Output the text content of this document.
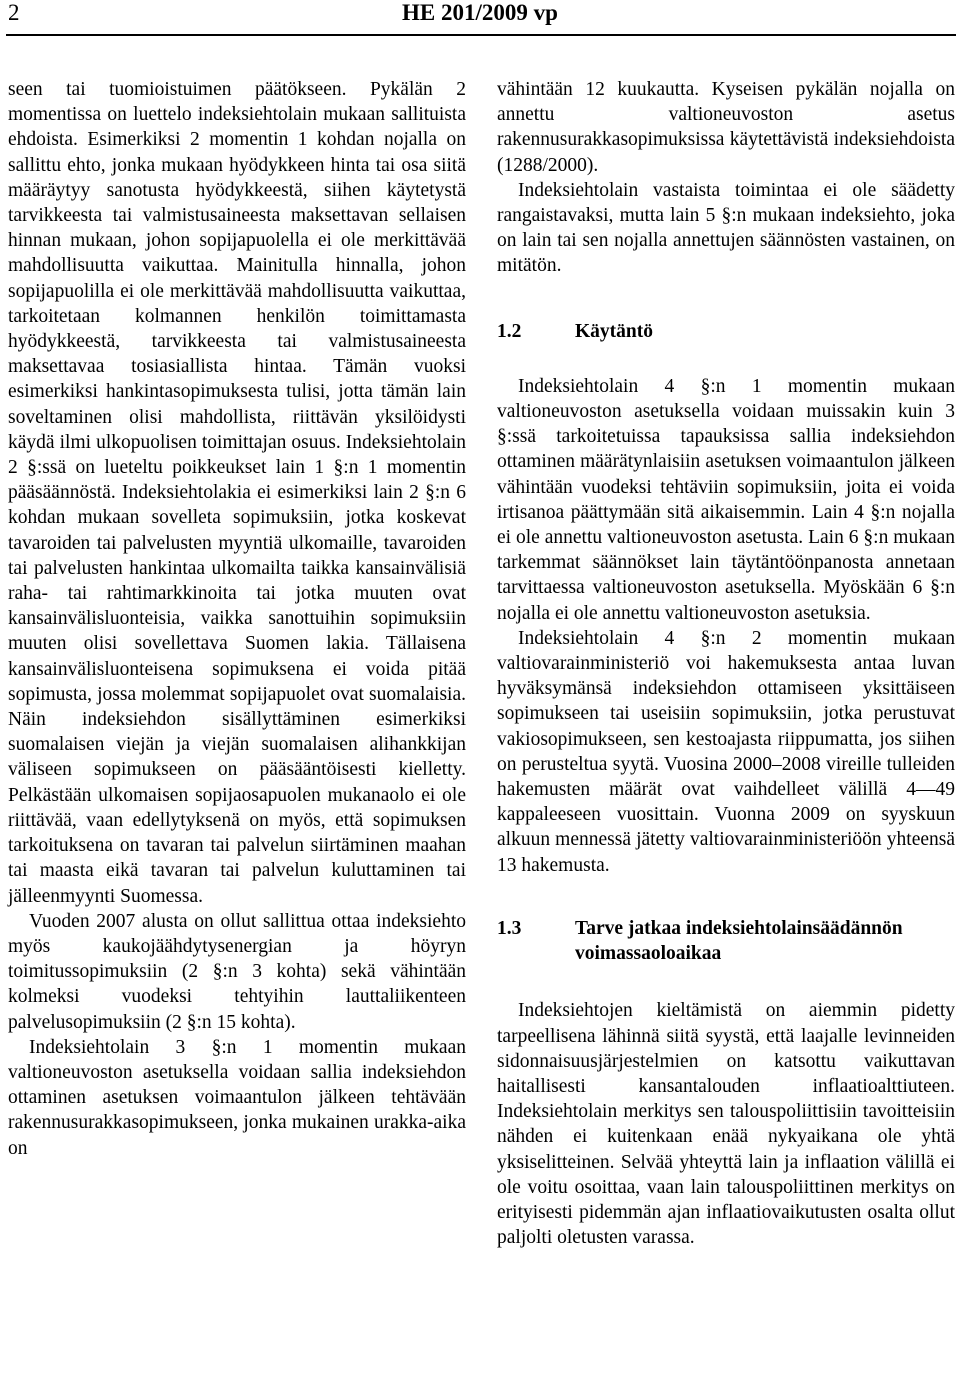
2	HE 201/2009 vp

seen tai tuomioistuimen päätökseen. Pykälän 2 momentissa on luettelo indeksiehtolain mukaan sallituista ehdoista. Esimerkiksi 2 momentin 1 kohdan nojalla on sallittu ehto, jonka mukaan hyödykkeen hinta tai osa siitä määräytyy sanotusta hyödykkeestä, siihen käytetystä tarvikkeesta tai valmistusaineesta maksettavan sellaisen hinnan mukaan, johon sopijapuolella ei ole merkittävää mahdollisuutta vaikuttaa. Mainitulla hinnalla, johon sopijapuolilla ei ole merkittävää mahdollisuutta vaikuttaa, tarkoitetaan kolmannen henkilön toimittamasta hyödykkeestä, tarvikkeesta tai valmistusaineesta maksettavaa tosiasiallista hintaa. Tämän vuoksi esimerkiksi hankintasopimuksesta tulisi, jotta tämän lain soveltaminen olisi mahdollista, riittävän yksilöidysti käydä ilmi ulkopuolisen toimittajan osuus. Indeksiehtolain 2 §:ssä on lueteltu poikkeukset lain 1 §:n 1 momentin pääsäännöstä. Indeksiehtolakia ei esimerkiksi lain 2 §:n 6 kohdan mukaan sovelleta sopimuksiin, jotka koskevat tavaroiden tai palvelusten myyntiä ulkomaille, tavaroiden tai palvelusten hankintaa ulkomailta taikka kansainvälisiä raha- tai rahtimarkkinoita tai jotka muuten ovat kansainvälisluonteisia, vaikka sanottuihin sopimuksiin muuten olisi sovellettava Suomen lakia. Tällaisena kansainvälisluonteisena sopimuksena ei voida pitää sopimusta, jossa molemmat sopijapuolet ovat suomalaisia. Näin indeksiehdon sisällyttäminen esimerkiksi suomalaisen viejän ja viejän suomalaisen alihankkijan väliseen sopimukseen on pääsääntöisesti kielletty. Pelkästään ulkomaisen sopijaosapuolen mukanaolo ei ole riittävää, vaan edellytyksenä on myös, että sopimuksen tarkoituksena on tavaran tai palvelun siirtäminen maahan tai maasta eikä tavaran tai palvelun kuluttaminen tai jälleenmyynti Suomessa.

Vuoden 2007 alusta on ollut sallittua ottaa indeksiehto myös kaukojäähdytysenergian ja höyryn toimitussopimuksiin (2 §:n 3 kohta) sekä vähintään kolmeksi vuodeksi tehtyihin lauttaliikenteen palvelusopimuksiin (2 §:n 15 kohta).

Indeksiehtolain 3 §:n 1 momentin mukaan valtioneuvoston asetuksella voidaan sallia indeksiehdon ottaminen asetuksen voimaantulon jälkeen tehtävään rakennusurakkasopimukseen, jonka mukainen urakka-aika on

vähintään 12 kuukautta. Kyseisen pykälän nojalla on annettu valtioneuvoston asetus rakennusurakkasopimuksissa käytettävistä indeksiehdoista (1288/2000).

Indeksiehtolain vastaista toimintaa ei ole säädetty rangaistavaksi, mutta lain 5 §:n mukaan indeksiehto, joka on lain tai sen nojalla annettujen säännösten vastainen, on mitätön.

1.2	Käytäntö

Indeksiehtolain 4 §:n 1 momentin mukaan valtioneuvoston asetuksella voidaan muissakin kuin 3 §:ssä tarkoitetuissa tapauksissa sallia indeksiehdon ottaminen määrätynlaisiin asetuksen voimaantulon jälkeen vähintään vuodeksi tehtäviin sopimuksiin, joita ei voida irtisanoa päättymään sitä aikaisemmin. Lain 4 §:n nojalla ei ole annettu valtioneuvoston asetusta. Lain 6 §:n mukaan tarkemmat säännökset lain täytäntöönpanosta annetaan tarvittaessa valtioneuvoston asetuksella. Myöskään 6 §:n nojalla ei ole annettu valtioneuvoston asetuksia.

Indeksiehtolain 4 §:n 2 momentin mukaan valtiovarainministeriö voi hakemuksesta antaa luvan hyväksymänsä indeksiehdon ottamiseen yksittäiseen sopimukseen tai useisiin sopimuksiin, jotka perustuvat vakiosopimukseen, sen kestoajasta riippumatta, jos siihen on perusteltua syytä. Vuosina 2000–2008 vireille tulleiden hakemusten määrät ovat vaihdelleet välillä 4—49 kappaleeseen vuosittain. Vuonna 2009 on syyskuun alkuun mennessä jätetty valtiovarainministeriöön yhteensä 13 hakemusta.

1.3	Tarve jatkaa indeksiehtolainsäädännön voimassaoloaikaa

Indeksiehtojen kieltämistä on aiemmin pidetty tarpeellisena lähinnä siitä syystä, että laajalle levinneiden sidonnaisuusjärjestelmien on katsottu vaikuttavan haitallisesti kansantalouden inflaatioalttiuteen. Indeksiehtolain merkitys sen talouspoliittisiin tavoitteisiin nähden ei kuitenkaan enää nykyaikana ole yhtä yksiselitteinen. Selvää yhteyttä lain ja inflaation välillä ei ole voitu osoittaa, vaan lain talouspoliittinen merkitys on erityisesti pidemmän ajan inflaatiovaikutusten osalta ollut paljolti oletusten varassa.
